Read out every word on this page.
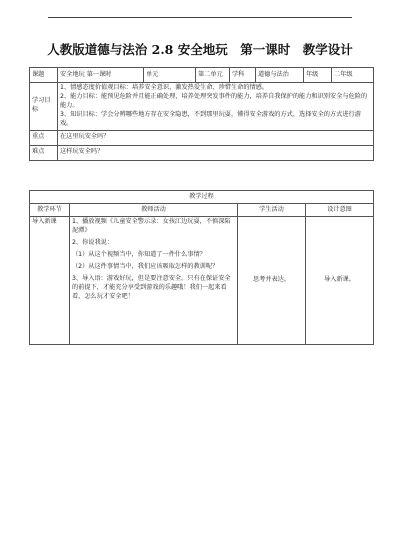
人教版道德与法治 2.8 安全地玩　第一课时　教学设计
课题	安全地玩 第一课时	单元	第二单元	学科	道德与法治	年级	二年级
学习目标	1、情感态度价值观目标：培养安全意识，激发热爱生命、珍惜生命的情感。
2、能力目标：能预见危险并且能正确处理，培养处理突发事件的能力，培养自我保护的能力和识别安全与危险的能力。
3、知识目标：学会分辨哪些地方存在安全隐患，不到那里玩耍，懂得安全游戏的方式，选择安全的方式进行游戏。						

重点	在这里玩安全吗？						
难点	这样玩安全吗？						
教学过程			
教学环节	教师活动	学生活动	设计意图
导入新课	1、播放视频《儿童安全警示录：女孩江边玩耍，不慎深陷泥潭》

2、你说我说：

（1）从这个视频当中，你知道了一件什么事情？

（2）从这件事情当中，我们应该吸取怎样的教训呢？

3、导入语：游戏好玩，但是要注意安全。只有在保证安全的前提下，才能充分享受到游戏的乐趣哦！我们一起来看看，怎么玩才安全吧！	思考并表达。	导入新课。
